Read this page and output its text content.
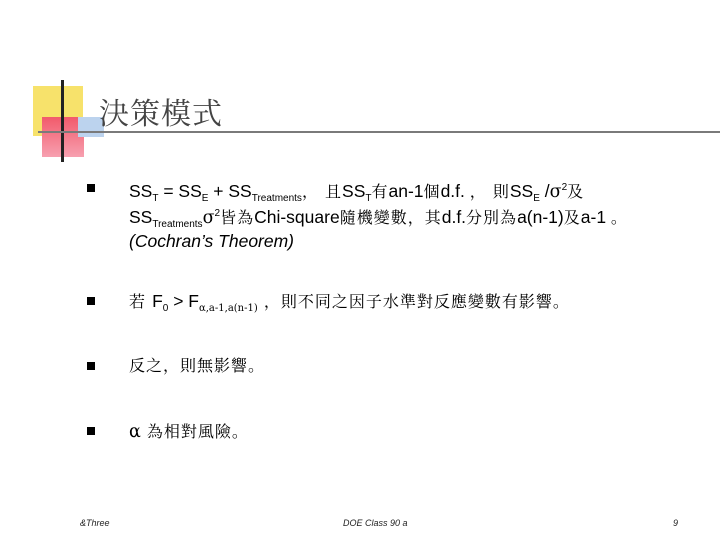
決策模式
$SS_T = SS_E + SS_{Treatments}$， 且$SS_T$有an-1個d.f. ， 則$SS_E$ $/\sigma^2$及
$SS_{Treatments}\sigma^2$皆為Chi-square隨機變數，其d.f.分別為a(n-1)及a-1 。
(Cochran’s Theorem)
若 $F_0 > F_{\alpha,a-1,a(n-1)}$ ，則不同之因子水準對反應變數有影響。
反之，則無影響。
α 為相對風險。
&Three	DOE Class 90 a	9
